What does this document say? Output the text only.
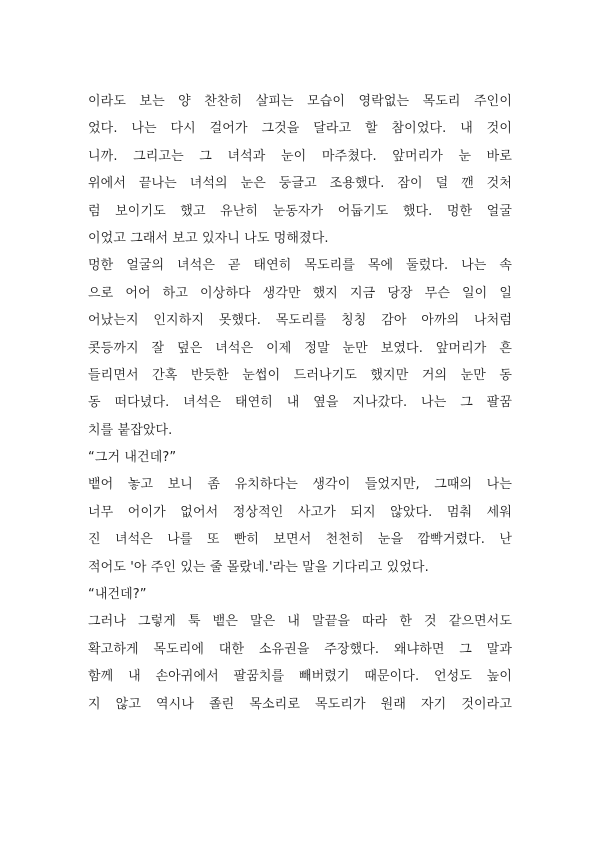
이라도 보는 양 찬찬히 살피는 모습이 영락없는 목도리 주인이
었다. 나는 다시 걸어가 그것을 달라고 할 참이었다. 내 것이
니까. 그리고는 그 녀석과 눈이 마주쳤다. 앞머리가 눈 바로
위에서 끝나는 녀석의 눈은 둥글고 조용했다. 잠이 덜 깬 것처
럼 보이기도 했고 유난히 눈동자가 어둡기도 했다. 멍한 얼굴
이었고 그래서 보고 있자니 나도 멍해졌다.
멍한 얼굴의 녀석은 곧 태연히 목도리를 목에 둘렀다. 나는 속
으로 어어 하고 이상하다 생각만 했지 지금 당장 무슨 일이 일
어났는지 인지하지 못했다. 목도리를 칭칭 감아 아까의 나처럼
콧등까지 잘 덮은 녀석은 이제 정말 눈만 보였다. 앞머리가 흔
들리면서 간혹 반듯한 눈썹이 드러나기도 했지만 거의 눈만 동
동 떠다녔다. 녀석은 태연히 내 옆을 지나갔다. 나는 그 팔꿈
치를 붙잡았다.
“그거 내건데?”
뱉어 놓고 보니 좀 유치하다는 생각이 들었지만, 그때의 나는
너무 어이가 없어서 정상적인 사고가 되지 않았다. 멈춰 세워
진 녀석은 나를 또 빤히 보면서 천천히 눈을 깜빡거렸다. 난
적어도 '아 주인 있는 줄 몰랐네.'라는 말을 기다리고 있었다.
“내건데?”
그러나 그렇게 툭 뱉은 말은 내 말끝을 따라 한 것 같으면서도
확고하게 목도리에 대한 소유권을 주장했다. 왜냐하면 그 말과
함께 내 손아귀에서 팔꿈치를 빼버렸기 때문이다. 언성도 높이
지 않고 역시나 졸린 목소리로 목도리가 원래 자기 것이라고
